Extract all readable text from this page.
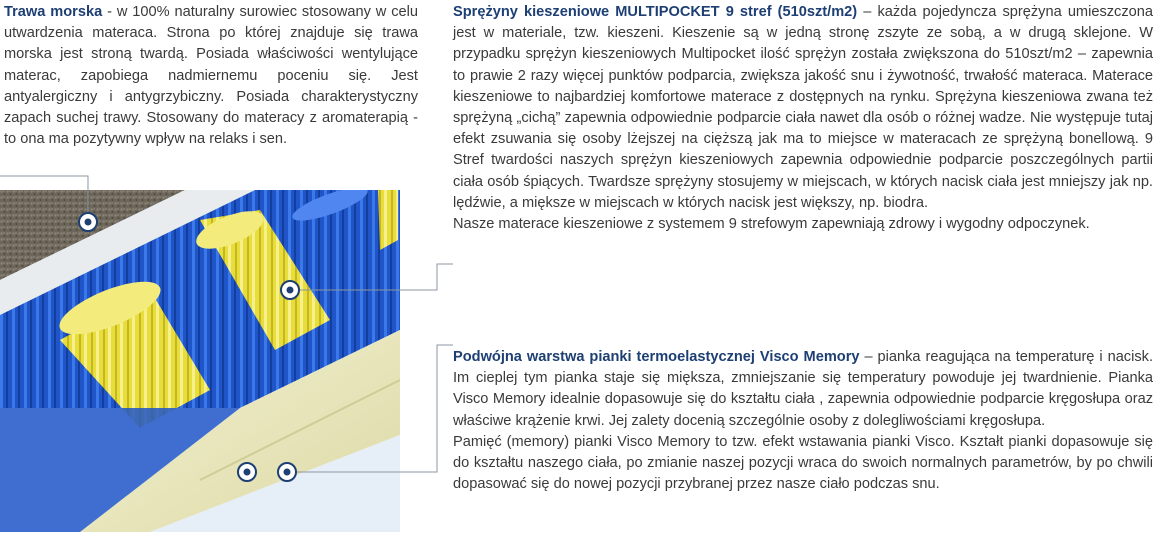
Trawa morska - w 100% naturalny surowiec stosowany w celu utwardzenia materaca. Strona po której znajduje się trawa morska jest stroną twardą. Posiada właściwości wentylujące materac, zapobiega nadmiernemu poceniu się. Jest antyalergiczny i antygrzybiczny. Posiada charakterystyczny zapach suchej trawy. Stosowany do materacy z aromaterapią - to ona ma pozytywny wpływ na relaks i sen.

Sprężyny kieszeniowe MULTIPOCKET 9 stref (510szt/m2) – każda pojedyncza sprężyna umieszczona jest w materiale, tzw. kieszeni. Kieszenie są w jedną stronę zszyte ze sobą, a w drugą sklejone. W przypadku sprężyn kieszeniowych Multipocket ilość sprężyn została zwiększona do 510szt/m2 – zapewnia to prawie 2 razy więcej punktów podparcia, zwiększa jakość snu i żywotność, trwałość materaca. Materace kieszeniowe to najbardziej komfortowe materace z dostępnych na rynku. Sprężyna kieszeniowa zwana też sprężyną „cichą” zapewnia odpowiednie podparcie ciała nawet dla osób o różnej wadze. Nie występuje tutaj efekt zsuwania się osoby lżejszej na cięższą jak ma to miejsce w materacach ze sprężyną bonellową. 9 Stref twardości naszych sprężyn kieszeniowych zapewnia odpowiednie podparcie poszczególnych partii ciała osób śpiących. Twardsze sprężyny stosujemy w miejscach, w których nacisk ciała jest mniejszy jak np. lędźwie, a miększe w miejscach w których nacisk jest większy, np. biodra.

Nasze materace kieszeniowe z systemem 9 strefowym zapewniają zdrowy i wygodny odpoczynek.

Podwójna warstwa pianki termoelastycznej Visco Memory – pianka reagująca na temperaturę i nacisk. Im cieplej tym pianka staje się miększa, zmniejszanie się temperatury powoduje jej twardnienie. Pianka Visco Memory idealnie dopasowuje się do kształtu ciała , zapewnia odpowiednie podparcie kręgosłupa oraz właściwe krążenie krwi. Jej zalety docenią szczególnie osoby z dolegliwościami kręgosłupa.

Pamięć (memory) pianki Visco Memory to tzw. efekt wstawania pianki Visco. Kształt pianki dopasowuje się do kształtu naszego ciała, po zmianie naszej pozycji wraca do swoich normalnych parametrów, by po chwili dopasować się do nowej pozycji przybranej przez nasze ciało podczas snu.
